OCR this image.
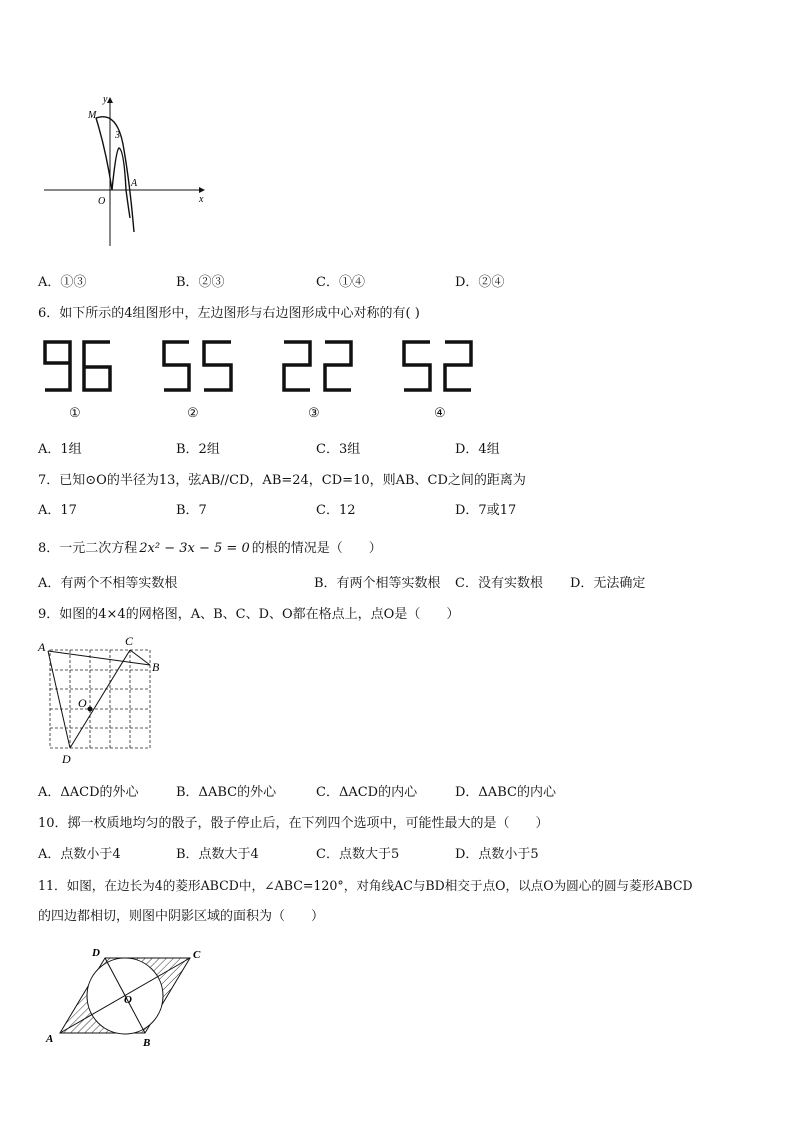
y
M
3
A
O	x
A．①③	B．②③	C．①④	D．②④
6．如下所示的4组图形中，左边图形与右边图形成中心对称的有( )
①	②	③	④
A．1组	B．2组	C．3组	D．4组
7．已知⊙O的半径为13，弦AB//CD，AB=24，CD=10，则AB、CD之间的距离为
A．17	B．7	C．12	D．7或17
8．一元二次方程 2x² − 3x − 5 = 0 的根的情况是（　　）
A．有两个不相等实数根	B．有两个相等实数根 C．没有实数根 D．无法确定
9．如图的4×4的网格图，A、B、C、D、O都在格点上，点O是（　　）
A	C
B
O
D
A．ΔACD的外心	B．ΔABC的外心	C．ΔACD的内心	D．ΔABC的内心
10．掷一枚质地均匀的骰子，骰子停止后，在下列四个选项中，可能性最大的是（　　）
A．点数小于4	B．点数大于4	C．点数大于5	D．点数小于5
11．如图，在边长为4的菱形ABCD中，∠ABC=120°，对角线AC与BD相交于点O，以点O为圆心的圆与菱形ABCD
的四边都相切，则图中阴影区域的面积为（　　）
D	C
O
A	B
